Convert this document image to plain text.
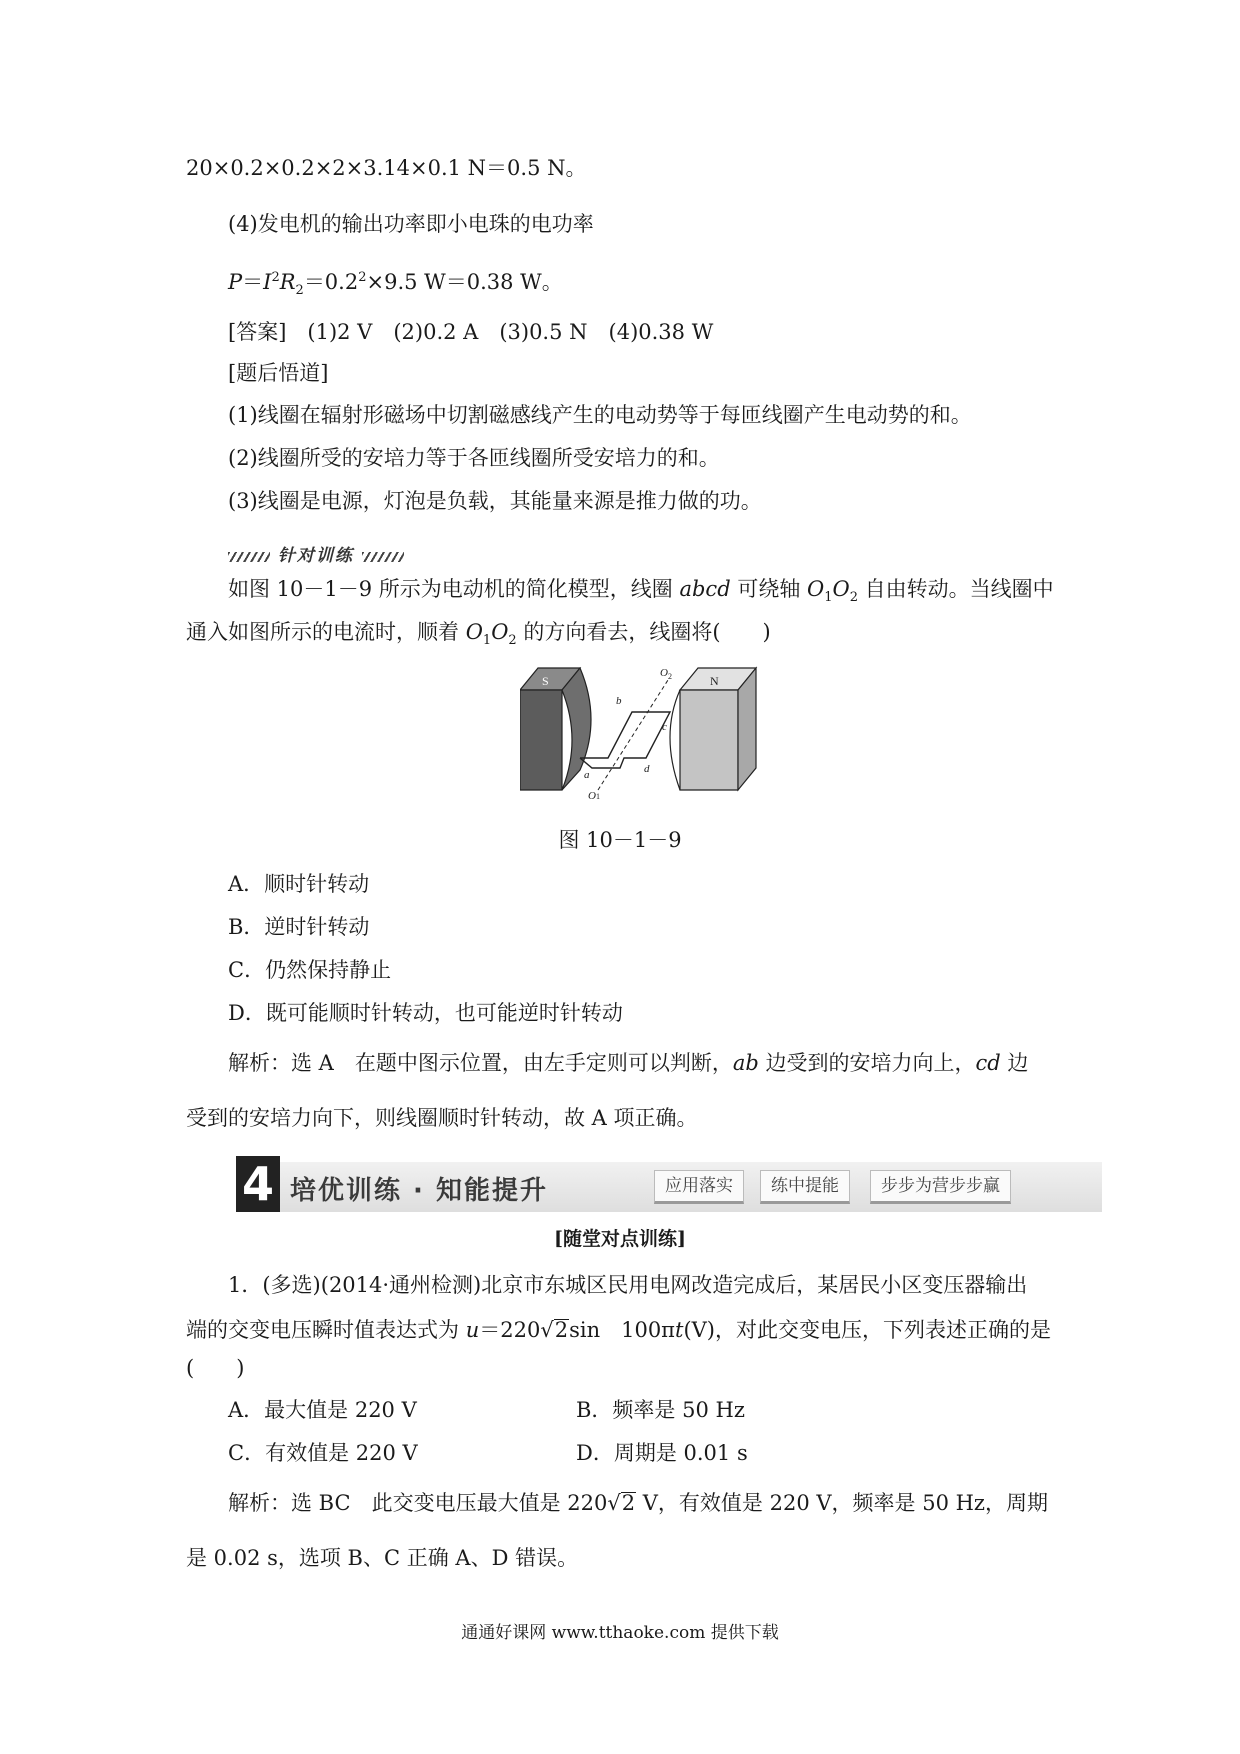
20×0.2×0.2×2×3.14×0.1 N＝0.5 N。
(4)发电机的输出功率即小电珠的电功率
$P=I^2R_2=0.2^2\times 9.5$ W＝0.38 W。
[答案]　(1)2 V　(2)0.2 A　(3)0.5 N　(4)0.38 W
[题后悟道]
(1)线圈在辐射形磁场中切割磁感线产生的电动势等于每匝线圈产生电动势的和。
(2)线圈所受的安培力等于各匝线圈所受安培力的和。
(3)线圈是电源，灯泡是负载，其能量来源是推力做的功。
针对训练
如图 10－1－9 所示为电动机的简化模型，线圈 abcd 可绕轴 $O_1O_2$ 自由转动。当线圈中
通入如图所示的电流时，顺着 $O_1O_2$ 的方向看去，线圈将(　　)
S	N
O 2
O 1
a
b
c
d
图 10－1－9
A．顺时针转动
B．逆时针转动
C．仍然保持静止
D．既可能顺时针转动，也可能逆时针转动
解析：选 A　在题中图示位置，由左手定则可以判断，ab 边受到的安培力向上，cd 边
受到的安培力向下，则线圈顺时针转动，故 A 项正确。
4 培优训练 · 知能提升	应用落实	练中提能	步步为营步步赢
[随堂对点训练]
1．(多选)(2014·通州检测)北京市东城区民用电网改造完成后，某居民小区变压器输出
端的交变电压瞬时值表达式为 u＝220√2sin　100πt(V)，对此交变电压，下列表述正确的是
(　　)
A．最大值是 220 V	B．频率是 50 Hz
C．有效值是 220 V	D．周期是 0.01 s
解析：选 BC　此交变电压最大值是 220√2 V，有效值是 220 V，频率是 50 Hz，周期
是 0.02 s，选项 B、C 正确 A、D 错误。
通通好课网 www.tthaoke.com 提供下载
